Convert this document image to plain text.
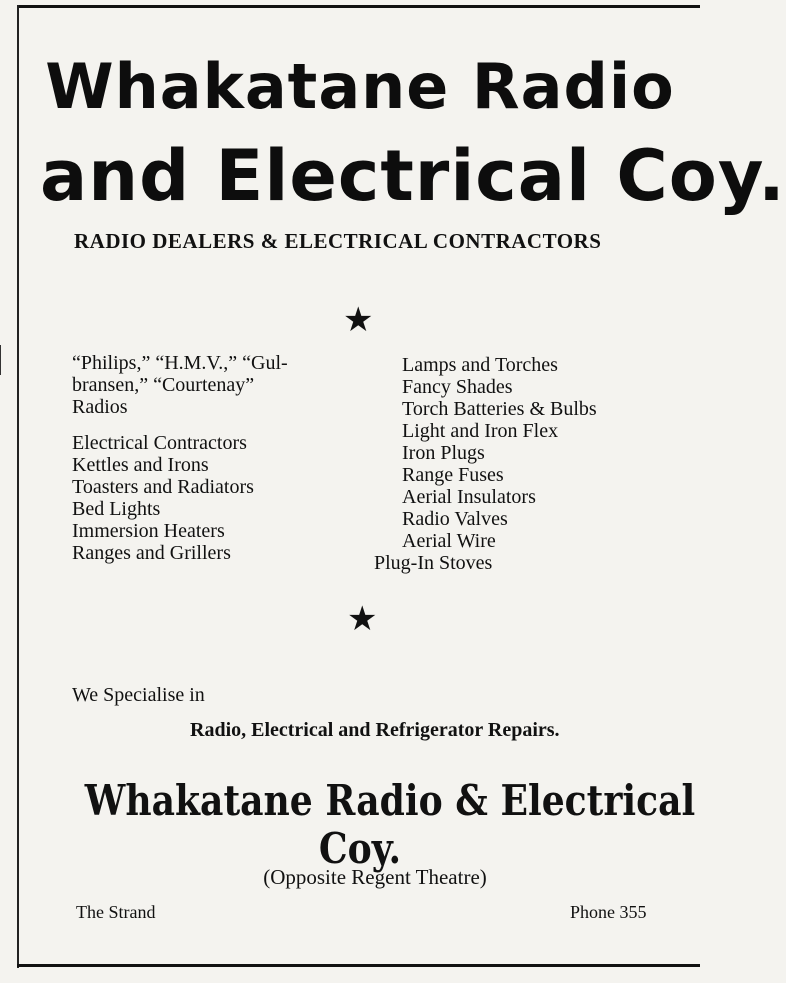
Whakatane Radio
and Electrical Coy.
RADIO DEALERS & ELECTRICAL CONTRACTORS
★
“Philips,” “H.M.V.,” “Gul-
bransen,” “Courtenay”
Radios
Electrical Contractors
Kettles and Irons
Toasters and Radiators
Bed Lights
Immersion Heaters
Ranges and Grillers
Lamps and Torches
Fancy Shades
Torch Batteries & Bulbs
Light and Iron Flex
Iron Plugs
Range Fuses
Aerial Insulators
Radio Valves
Aerial Wire
Plug-In Stoves
★
We Specialise in
Radio, Electrical and Refrigerator Repairs.
Whakatane Radio & Electrical
Coy.
(Opposite Regent Theatre)
The Strand	Phone 355
